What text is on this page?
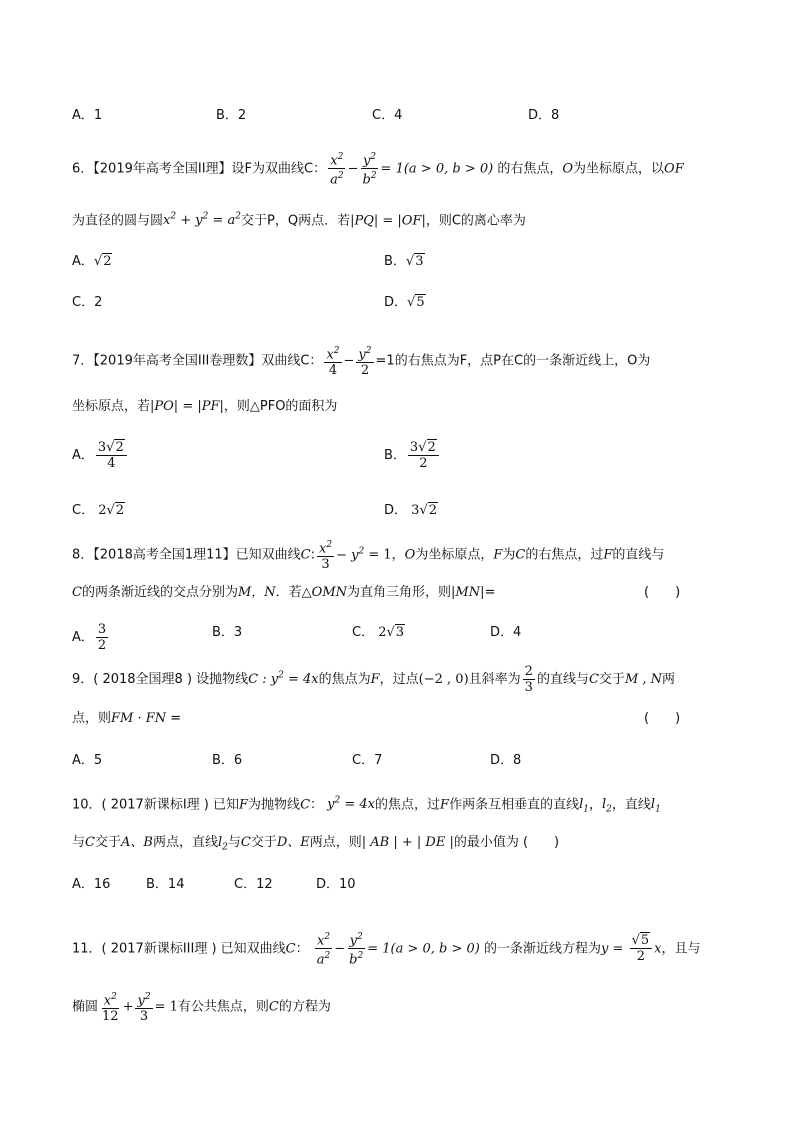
A．1	B．2	C．4	D．8
6．【2019年高考全国II理】设F为双曲线C： $\frac{x^2}{a^2} - \frac{y^2}{b^2} = 1(a > 0$, b > 0) 的右焦点，O为坐标原点，以OF
为直径的圆与圆$x^2 + y^2 = a^2$交于P，Q两点．若|PQ| = |OF|，则C的离心率为
A．√2	B．√3
C．2	D．√5
7．【2019年高考全国III卷理数】双曲线C： $\frac{x^2}{4} - \frac{y^2}{2} =1$的右焦点为F，点P在C的一条渐近线上，O为
坐标原点，若|PO| = |PF|，则△PFO的面积为
A． $\frac{3√2}{4}$	B． $\frac{3√2}{2}$
C． 2√2	D． 3√2
8．【2018高考全国1理11】已知双曲线C: $\frac{x^2}{3} - y^2 = 1$，O为坐标原点，F为C的右焦点，过F的直线与
C的两条渐近线的交点分别为M，N．若△OMN为直角三角形，则|MN|=	(　　)
A． $\frac{3}{2}$	B．3	C． 2√3	D．4
9．( 2018全国理8 ) 设抛物线C : $y^2 = 4x$的焦点为F，过点(−2 , 0)且斜率为 $\frac{2}{3}$ 的直线与C交于M , N两
点，则FM · FN =	(　　)
A．5	B．6	C．7	D．8
10．( 2017新课标I理 ) 已知F为抛物线C： $y^2 = 4x$的焦点，过F作两条互相垂直的直线$l_1$，$l_2$，直线$l_1$
与C交于A、B两点，直线$l_2$与C交于D、E两点，则| AB | + | DE |的最小值为 (　　)
A．16	B．14	C．12	D．10
11．( 2017新课标III理 ) 已知双曲线C： $\frac{x^2}{a^2} - \frac{y^2}{b^2} = 1(a > 0$, b > 0) 的一条渐近线方程为$y = \frac{√5}{2}$ x，且与
椭圆 $\frac{x^2}{12} + \frac{y^2}{3} = 1$有公共焦点，则C的方程为
